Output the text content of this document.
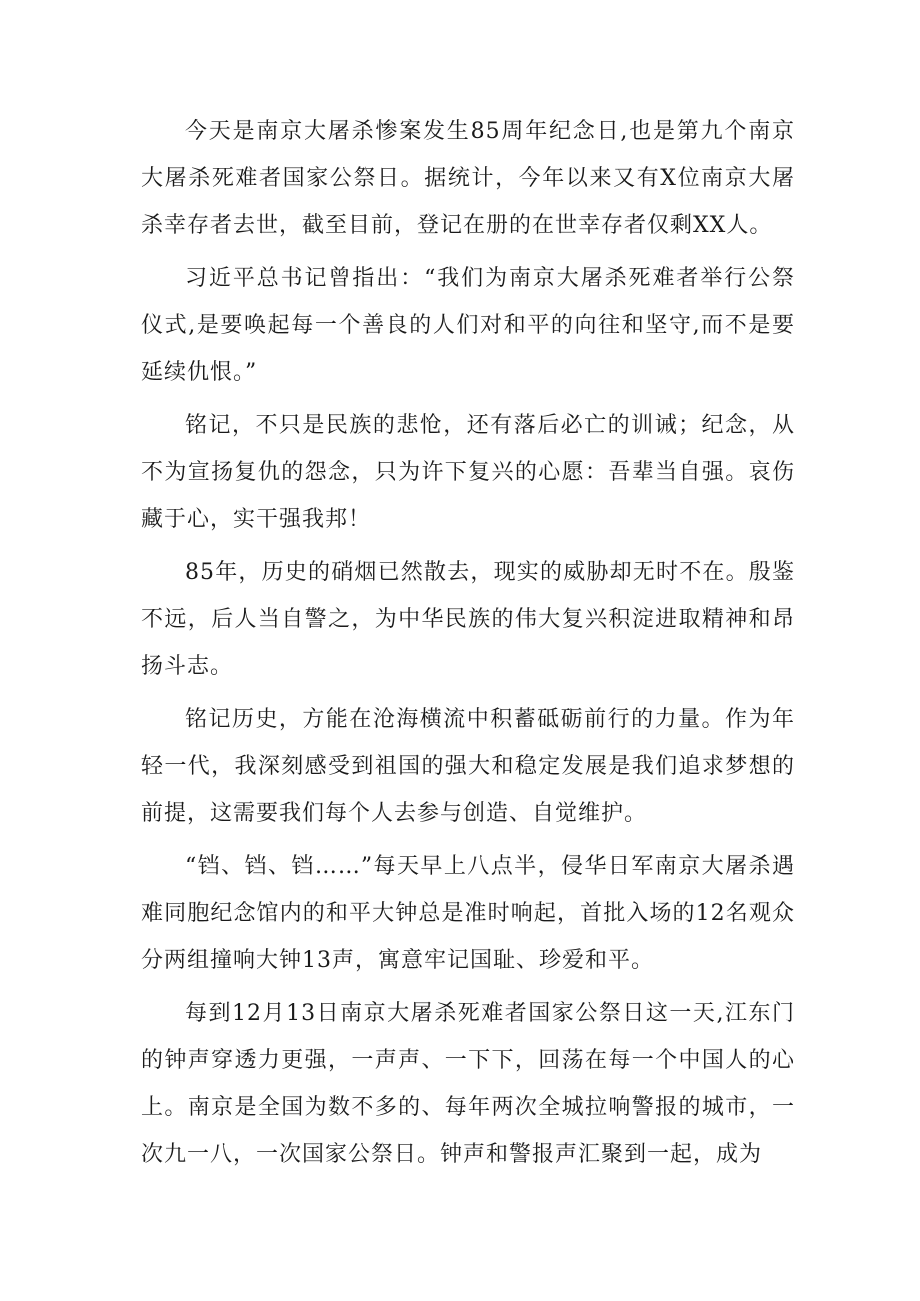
今天是南京大屠杀惨案发生85周年纪念日,也是第九个南京大屠杀死难者国家公祭日。据统计，今年以来又有X位南京大屠杀幸存者去世，截至目前，登记在册的在世幸存者仅剩XX人。

习近平总书记曾指出：“我们为南京大屠杀死难者举行公祭仪式,是要唤起每一个善良的人们对和平的向往和坚守,而不是要延续仇恨。”

铭记，不只是民族的悲怆，还有落后必亡的训诫；纪念，从不为宣扬复仇的怨念，只为许下复兴的心愿：吾辈当自强。哀伤藏于心，实干强我邦！

85年，历史的硝烟已然散去，现实的威胁却无时不在。殷鉴不远，后人当自警之，为中华民族的伟大复兴积淀进取精神和昂扬斗志。

铭记历史，方能在沧海横流中积蓄砥砺前行的力量。作为年轻一代，我深刻感受到祖国的强大和稳定发展是我们追求梦想的前提，这需要我们每个人去参与创造、自觉维护。

“铛、铛、铛……”每天早上八点半，侵华日军南京大屠杀遇难同胞纪念馆内的和平大钟总是准时响起，首批入场的12名观众分两组撞响大钟13声，寓意牢记国耻、珍爱和平。

每到12月13日南京大屠杀死难者国家公祭日这一天,江东门的钟声穿透力更强，一声声、一下下，回荡在每一个中国人的心上。南京是全国为数不多的、每年两次全城拉响警报的城市，一次九一八，一次国家公祭日。钟声和警报声汇聚到一起，成为
